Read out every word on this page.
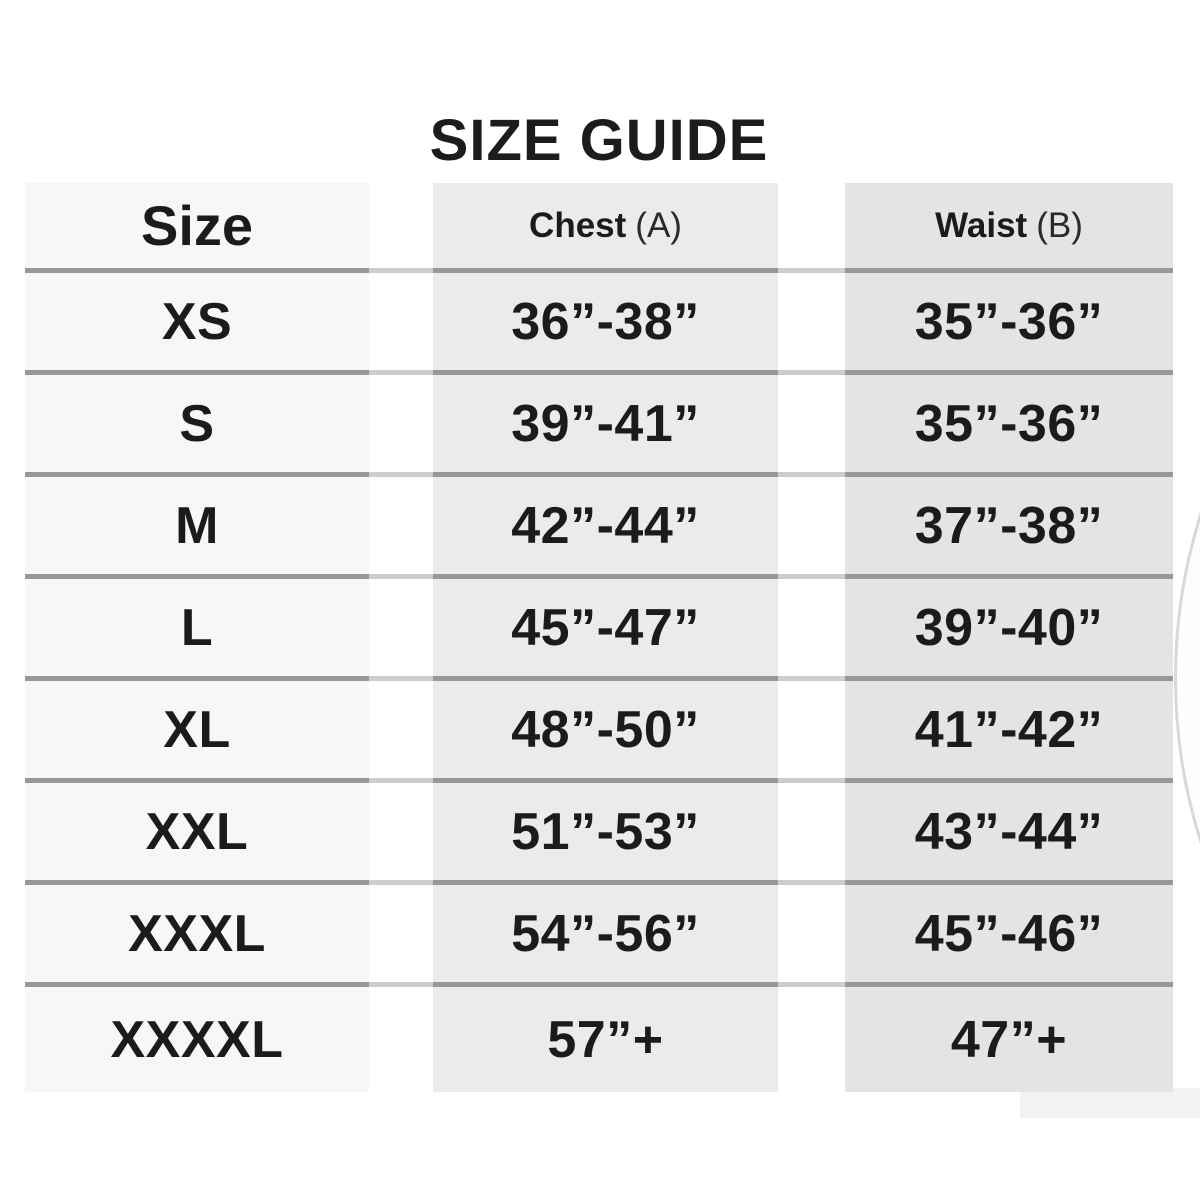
SIZE GUIDE
Size	Chest (A)	Waist (B)
XS	36”-38”	35”-36”
S	39”-41”	35”-36”
M	42”-44”	37”-38”
L	45”-47”	39”-40”
XL	48”-50”	41”-42”
XXL	51”-53”	43”-44”
XXXL	54”-56”	45”-46”
XXXXL	57”+	47”+
